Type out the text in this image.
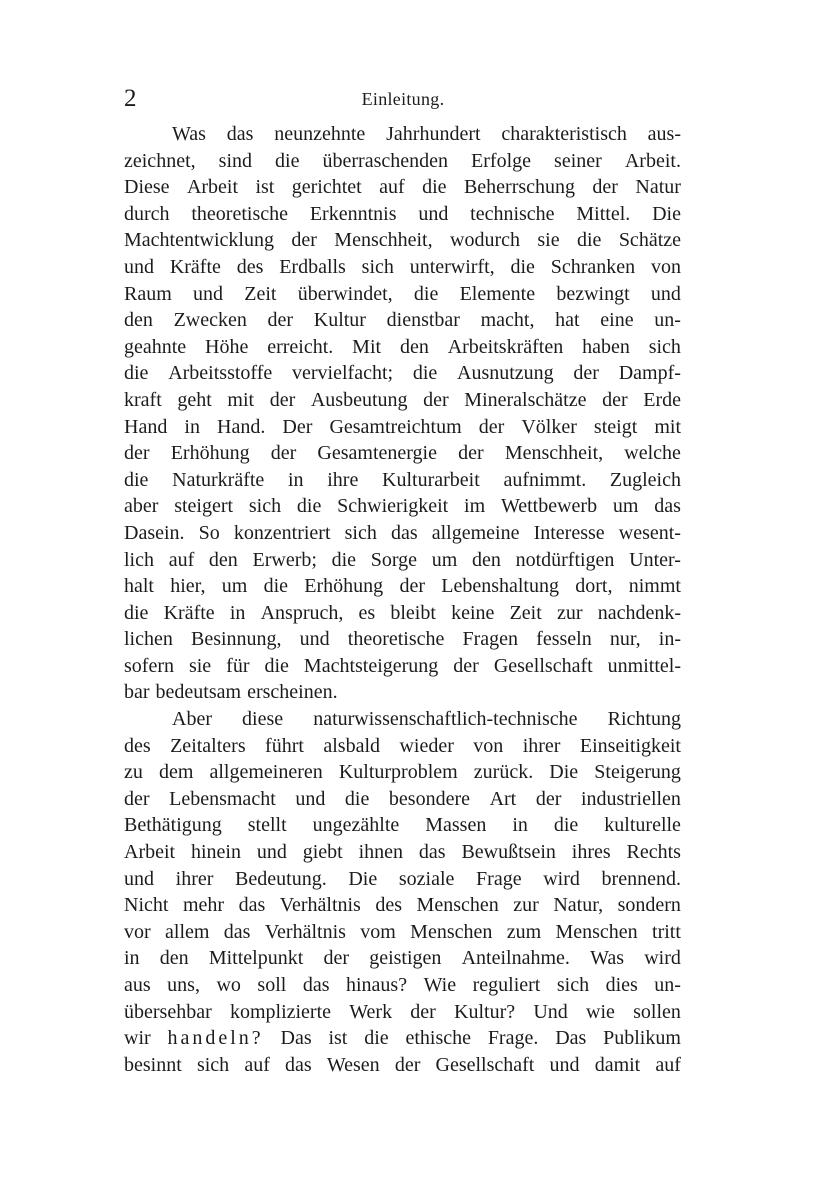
2	Einleitung.
Was das neunzehnte Jahrhundert charakteristisch aus-
zeichnet, sind die überraschenden Erfolge seiner Arbeit.
Diese Arbeit ist gerichtet auf die Beherrschung der Natur
durch theoretische Erkenntnis und technische Mittel. Die
Machtentwicklung der Menschheit, wodurch sie die Schätze
und Kräfte des Erdballs sich unterwirft, die Schranken von
Raum und Zeit überwindet, die Elemente bezwingt und
den Zwecken der Kultur dienstbar macht, hat eine un-
geahnte Höhe erreicht. Mit den Arbeitskräften haben sich
die Arbeitsstoffe vervielfacht; die Ausnutzung der Dampf-
kraft geht mit der Ausbeutung der Mineralschätze der Erde
Hand in Hand. Der Gesamtreichtum der Völker steigt mit
der Erhöhung der Gesamtenergie der Menschheit, welche
die Naturkräfte in ihre Kulturarbeit aufnimmt. Zugleich
aber steigert sich die Schwierigkeit im Wettbewerb um das
Dasein. So konzentriert sich das allgemeine Interesse wesent-
lich auf den Erwerb; die Sorge um den notdürftigen Unter-
halt hier, um die Erhöhung der Lebenshaltung dort, nimmt
die Kräfte in Anspruch, es bleibt keine Zeit zur nachdenk-
lichen Besinnung, und theoretische Fragen fesseln nur, in-
sofern sie für die Machtsteigerung der Gesellschaft unmittel-
bar bedeutsam erscheinen.
Aber diese naturwissenschaftlich-technische Richtung
des Zeitalters führt alsbald wieder von ihrer Einseitigkeit
zu dem allgemeineren Kulturproblem zurück. Die Steigerung
der Lebensmacht und die besondere Art der industriellen
Bethätigung stellt ungezählte Massen in die kulturelle
Arbeit hinein und giebt ihnen das Bewußtsein ihres Rechts
und ihrer Bedeutung. Die soziale Frage wird brennend.
Nicht mehr das Verhältnis des Menschen zur Natur, sondern
vor allem das Verhältnis vom Menschen zum Menschen tritt
in den Mittelpunkt der geistigen Anteilnahme. Was wird
aus uns, wo soll das hinaus? Wie reguliert sich dies un-
übersehbar komplizierte Werk der Kultur? Und wie sollen
wir handeln? Das ist die ethische Frage. Das Publikum
besinnt sich auf das Wesen der Gesellschaft und damit auf
